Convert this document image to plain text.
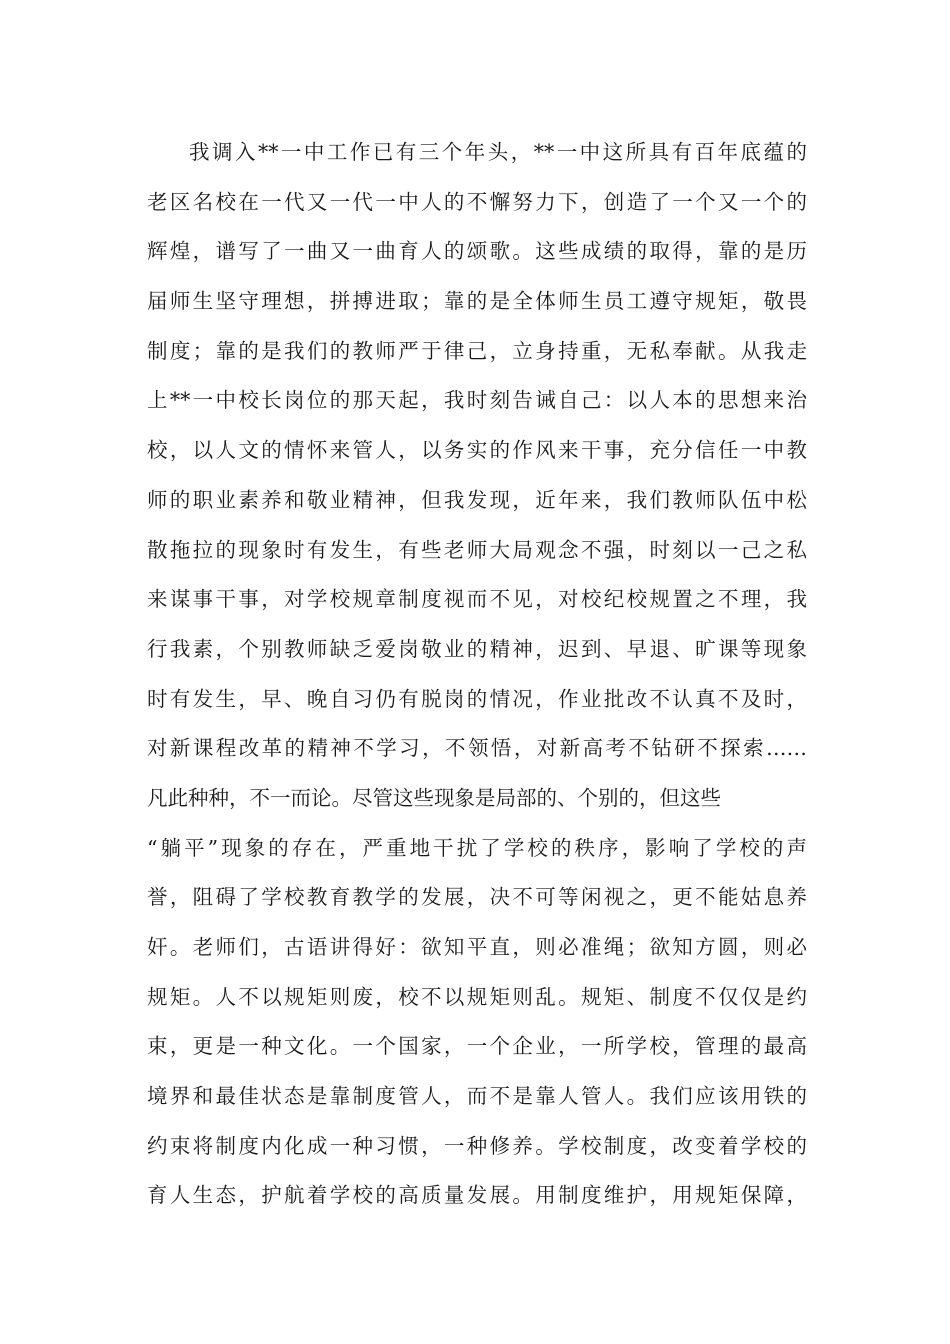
我调入**一中工作已有三个年头，**一中这所具有百年底蕴的
老区名校在一代又一代一中人的不懈努力下，创造了一个又一个的
辉煌，谱写了一曲又一曲育人的颂歌。这些成绩的取得，靠的是历
届师生坚守理想，拼搏进取；靠的是全体师生员工遵守规矩，敬畏
制度；靠的是我们的教师严于律己，立身持重，无私奉献。从我走
上**一中校长岗位的那天起，我时刻告诫自己：以人本的思想来治
校，以人文的情怀来管人，以务实的作风来干事，充分信任一中教
师的职业素养和敬业精神，但我发现，近年来，我们教师队伍中松
散拖拉的现象时有发生，有些老师大局观念不强，时刻以一己之私
来谋事干事，对学校规章制度视而不见，对校纪校规置之不理，我
行我素，个别教师缺乏爱岗敬业的精神，迟到、早退、旷课等现象
时有发生，早、晚自习仍有脱岗的情况，作业批改不认真不及时，
对新课程改革的精神不学习，不领悟，对新高考不钻研不探索……
凡此种种，不一而论。尽管这些现象是局部的、个别的，但这些
“躺平”现象的存在，严重地干扰了学校的秩序，影响了学校的声
誉，阻碍了学校教育教学的发展，决不可等闲视之，更不能姑息养
奸。老师们，古语讲得好：欲知平直，则必准绳；欲知方圆，则必
规矩。人不以规矩则废，校不以规矩则乱。规矩、制度不仅仅是约
束，更是一种文化。一个国家，一个企业，一所学校，管理的最高
境界和最佳状态是靠制度管人，而不是靠人管人。我们应该用铁的
约束将制度内化成一种习惯，一种修养。学校制度，改变着学校的
育人生态，护航着学校的高质量发展。用制度维护，用规矩保障，
